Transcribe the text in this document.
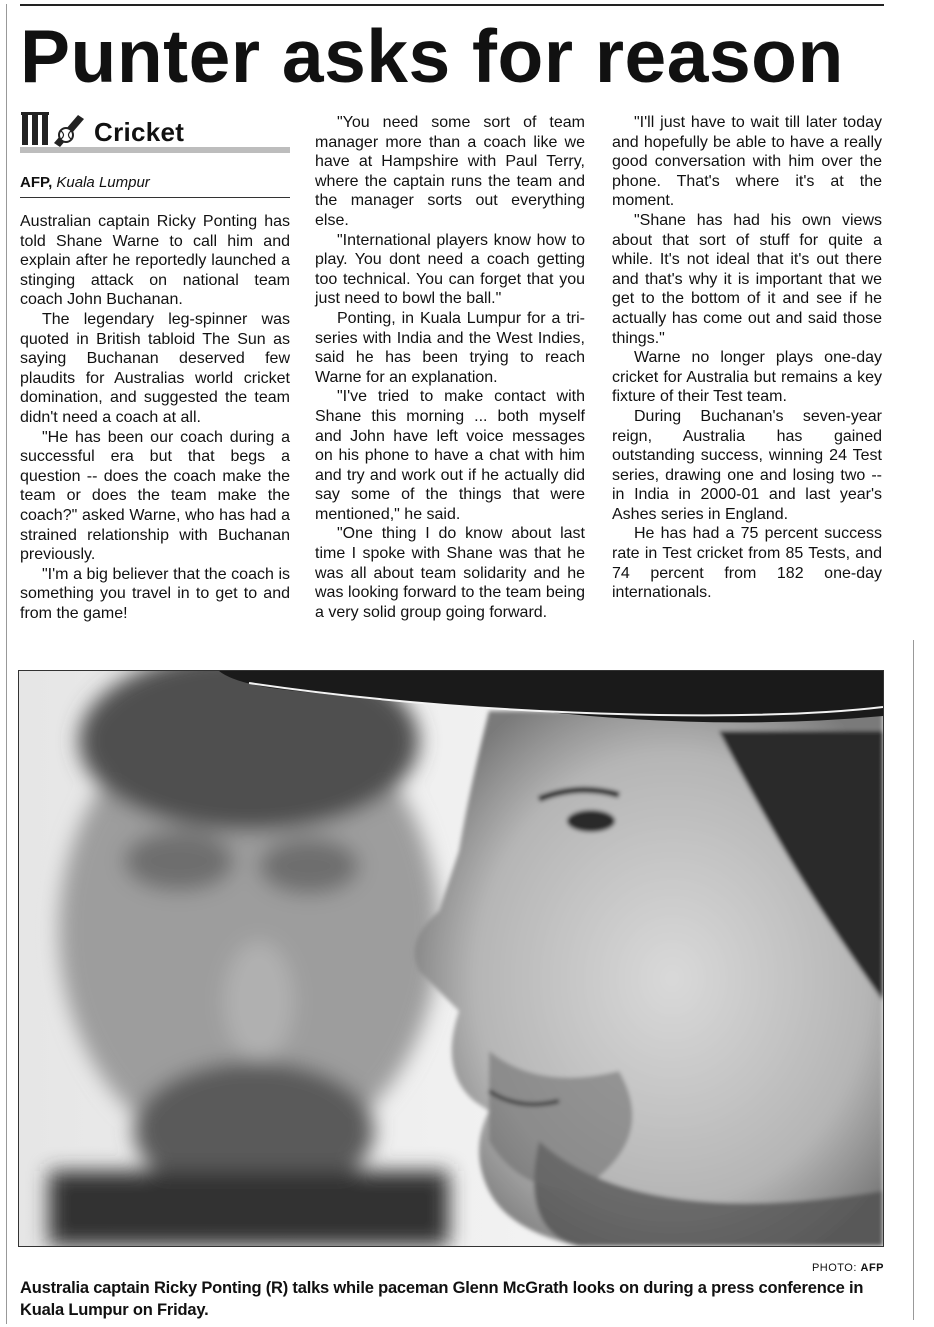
Punter asks for reason
Cricket
AFP, Kuala Lumpur

Australian captain Ricky Ponting has told Shane Warne to call him and explain after he reportedly launched a stinging attack on national team coach John Buchanan.

The legendary leg-spinner was quoted in British tabloid The Sun as saying Buchanan deserved few plaudits for Australias world cricket domination, and suggested the team didn't need a coach at all.

"He has been our coach during a successful era but that begs a question -- does the coach make the team or does the team make the coach?" asked Warne, who has had a strained relationship with Buchanan previously.

"I'm a big believer that the coach is something you travel in to get to and from the game!

"You need some sort of team manager more than a coach like we have at Hampshire with Paul Terry, where the captain runs the team and the manager sorts out everything else.

"International players know how to play. You dont need a coach getting too technical. You can forget that you just need to bowl the ball."

Ponting, in Kuala Lumpur for a tri-series with India and the West Indies, said he has been trying to reach Warne for an explanation.

"I've tried to make contact with Shane this morning ... both myself and John have left voice messages on his phone to have a chat with him and try and work out if he actually did say some of the things that were mentioned," he said.

"One thing I do know about last time I spoke with Shane was that he was all about team solidarity and he was looking forward to the team being a very solid group going forward.

"I'll just have to wait till later today and hopefully be able to have a really good conversation with him over the phone. That's where it's at the moment.

"Shane has had his own views about that sort of stuff for quite a while. It's not ideal that it's out there and that's why it is important that we get to the bottom of it and see if he actually has come out and said those things."

Warne no longer plays one-day cricket for Australia but remains a key fixture of their Test team.

During Buchanan's seven-year reign, Australia has gained outstanding success, winning 24 Test series, drawing one and losing two -- in India in 2000-01 and last year's Ashes series in England.

He has had a 75 percent success rate in Test cricket from 85 Tests, and 74 percent from 182 one-day internationals.

PHOTO: AFP
Australia captain Ricky Ponting (R) talks while paceman Glenn McGrath looks on during a press conference in Kuala Lumpur on Friday.
